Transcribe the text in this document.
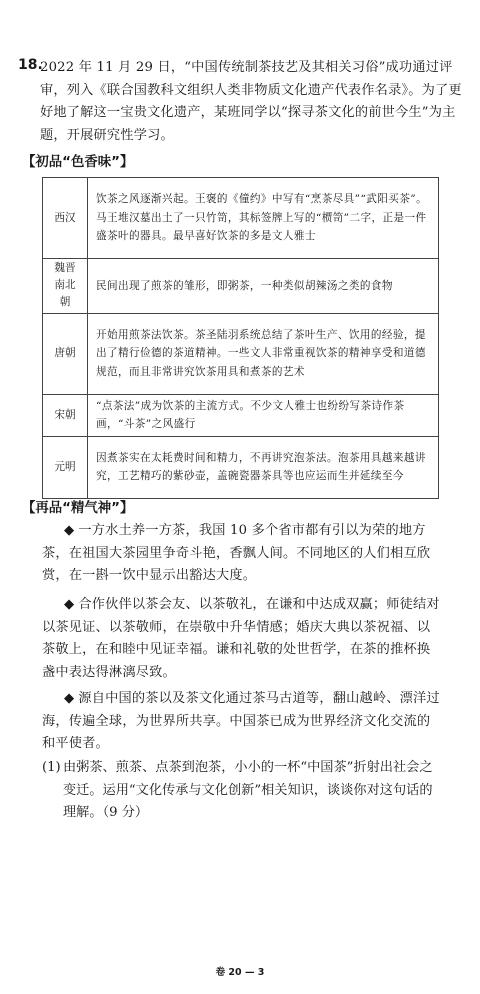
18.
2022 年 11 月 29 日，“中国传统制茶技艺及其相关习俗”成功通过评审，列入《联合国教科文组织人类非物质文化遗产代表作名录》。为了更好地了解这一宝贵文化遗产，某班同学以“探寻茶文化的前世今生”为主题，开展研究性学习。
【初品“色香味”】
西汉	饮茶之风逐渐兴起。王褒的《僮约》中写有“烹茶尽具”“武阳买茶”。马王堆汉墓出土了一只竹笥，其标签牌上写的“槚笥”二字，正是一件盛茶叶的器具。最早喜好饮茶的多是文人雅士
魏晋南北朝	民间出现了煎茶的雏形，即粥茶，一种类似胡辣汤之类的食物
唐朝	开始用煎茶法饮茶。茶圣陆羽系统总结了茶叶生产、饮用的经验，提出了精行俭德的茶道精神。一些文人非常重视饮茶的精神享受和道德规范，而且非常讲究饮茶用具和煮茶的艺术
宋朝	“点茶法”成为饮茶的主流方式。不少文人雅士也纷纷写茶诗作茶画，“斗茶”之风盛行
元明	因煮茶实在太耗费时间和精力，不再讲究泡茶法。泡茶用具越来越讲究，工艺精巧的紫砂壶，盖碗瓷器茶具等也应运而生并延续至今
【再品“精气神”】
◆ 一方水土养一方茶，我国 10 多个省市都有引以为荣的地方茶，在祖国大茶园里争奇斗艳，香飘人间。不同地区的人们相互欣赏，在一斟一饮中显示出豁达大度。
◆ 合作伙伴以茶会友、以茶敬礼，在谦和中达成双赢；师徒结对以茶见证、以茶敬师，在崇敬中升华情感；婚庆大典以茶祝福、以茶敬上，在和睦中见证幸福。谦和礼敬的处世哲学，在茶的推杯换盏中表达得淋漓尽致。
◆ 源自中国的茶以及茶文化通过茶马古道等，翻山越岭、漂洋过海，传遍全球，为世界所共享。中国茶已成为世界经济文化交流的和平使者。
(1) 由粥茶、煎茶、点茶到泡茶，小小的一杯“中国茶”折射出社会之变迁。运用“文化传承与文化创新”相关知识，谈谈你对这句话的理解。（9 分）
卷 20 — 3
